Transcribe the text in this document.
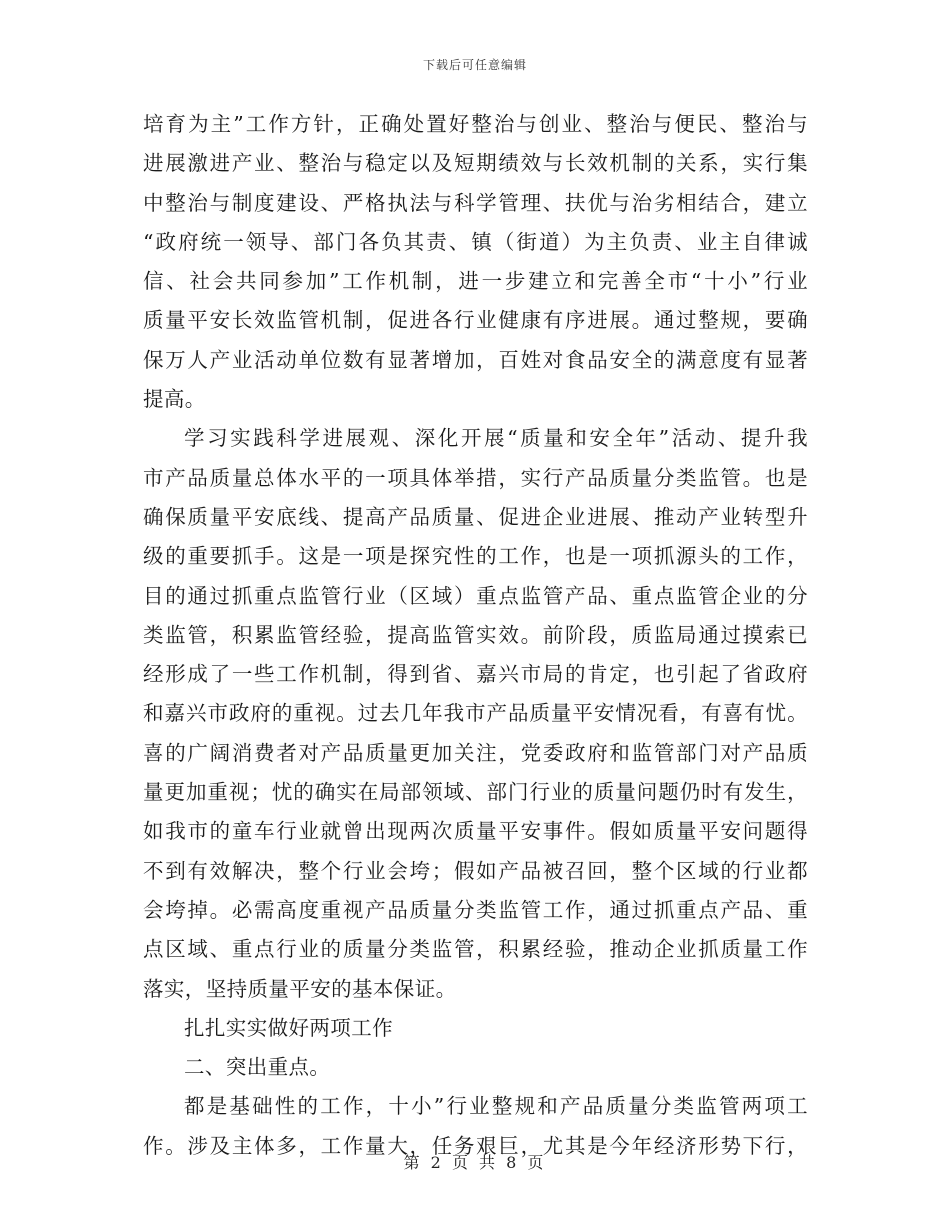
下载后可任意编辑
培育为主”工作方针，正确处置好整治与创业、整治与便民、整治与
进展激进产业、整治与稳定以及短期绩效与长效机制的关系，实行集
中整治与制度建设、严格执法与科学管理、扶优与治劣相结合，建立
“政府统一领导、部门各负其责、镇（街道）为主负责、业主自律诚
信、社会共同参加”工作机制，进一步建立和完善全市“十小”行业
质量平安长效监管机制，促进各行业健康有序进展。通过整规，要确
保万人产业活动单位数有显著增加，百姓对食品安全的满意度有显著
提高。
学习实践科学进展观、深化开展“质量和安全年”活动、提升我
市产品质量总体水平的一项具体举措，实行产品质量分类监管。也是
确保质量平安底线、提高产品质量、促进企业进展、推动产业转型升
级的重要抓手。这是一项是探究性的工作，也是一项抓源头的工作，
目的通过抓重点监管行业（区域）重点监管产品、重点监管企业的分
类监管，积累监管经验，提高监管实效。前阶段，质监局通过摸索已
经形成了一些工作机制，得到省、嘉兴市局的肯定，也引起了省政府
和嘉兴市政府的重视。过去几年我市产品质量平安情况看，有喜有忧。
喜的广阔消费者对产品质量更加关注，党委政府和监管部门对产品质
量更加重视；忧的确实在局部领域、部门行业的质量问题仍时有发生，
如我市的童车行业就曾出现两次质量平安事件。假如质量平安问题得
不到有效解决，整个行业会垮；假如产品被召回，整个区域的行业都
会垮掉。必需高度重视产品质量分类监管工作，通过抓重点产品、重
点区域、重点行业的质量分类监管，积累经验，推动企业抓质量工作
落实，坚持质量平安的基本保证。
扎扎实实做好两项工作
二、突出重点。
都是基础性的工作，十小”行业整规和产品质量分类监管两项工
作。涉及主体多，工作量大，任务艰巨，尤其是今年经济形势下行，
第 2 页 共 8 页
